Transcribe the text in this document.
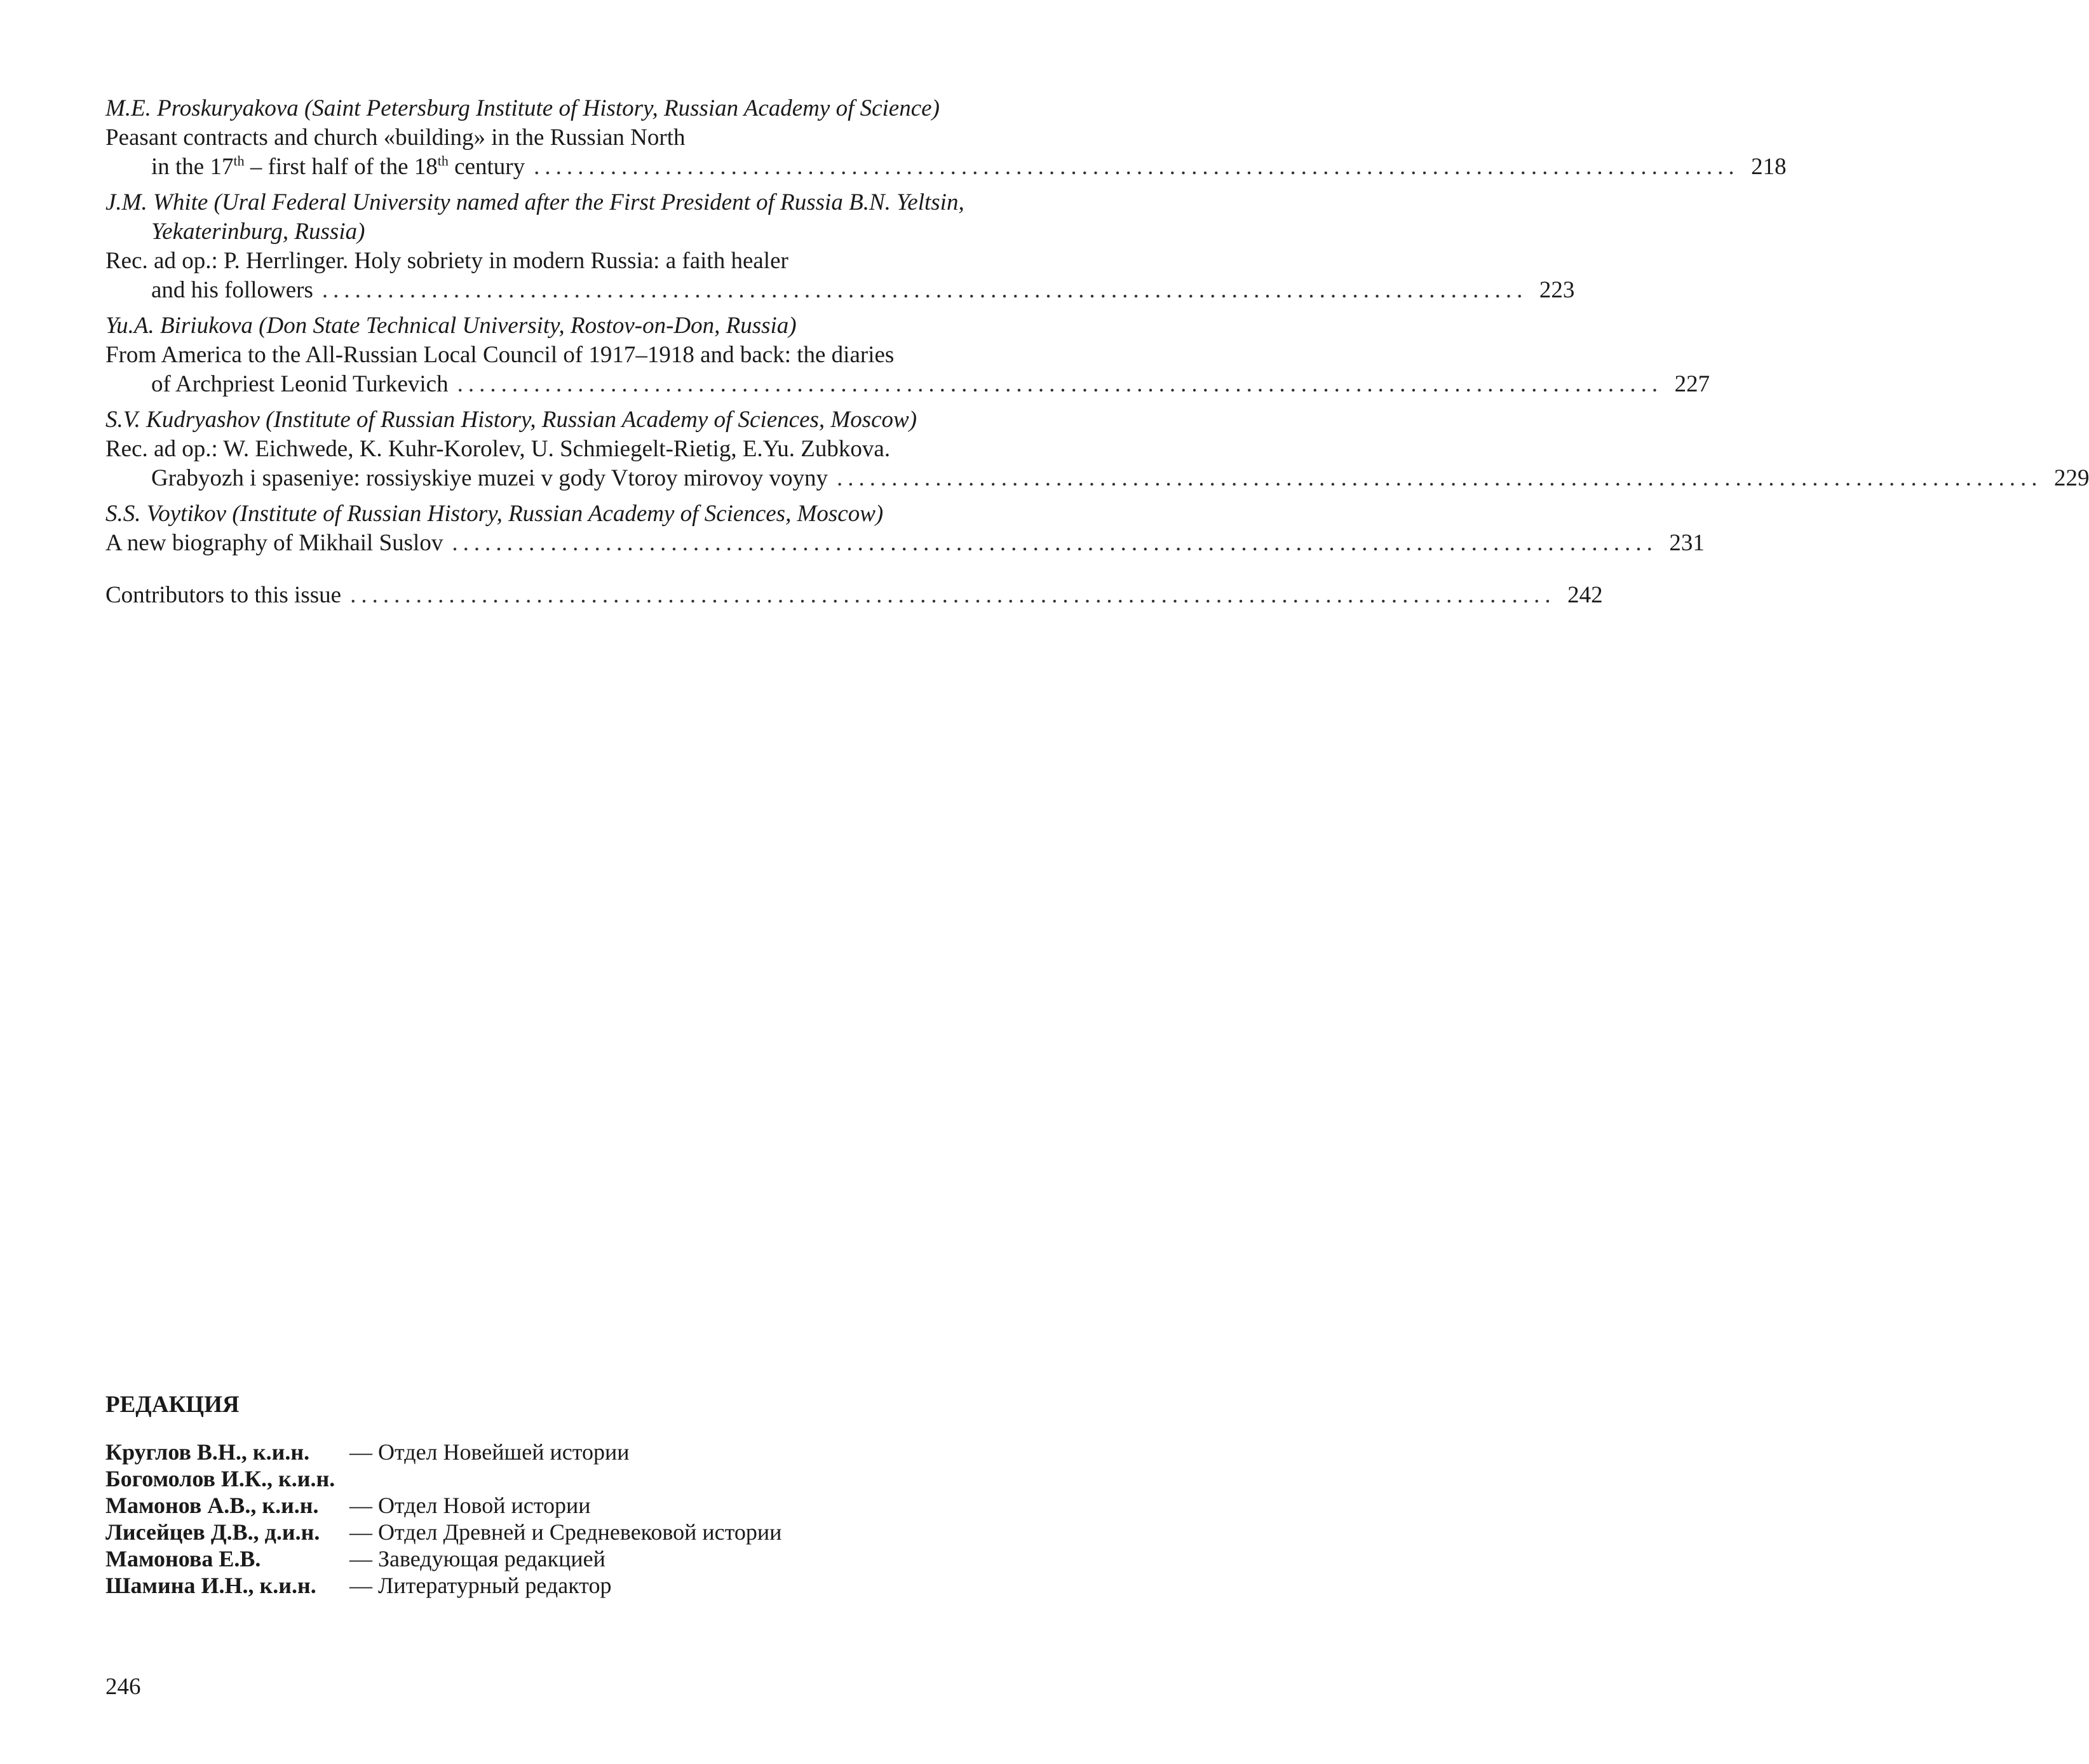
M.E. Proskuryakova (Saint Petersburg Institute of History, Russian Academy of Science)
Peasant contracts and church «building» in the Russian North
in the 17th – first half of the 18th century .............................................................................................................. 218
J.M. White (Ural Federal University named after the First President of Russia B.N. Yeltsin,
Yekaterinburg, Russia)
Rec. ad op.: P. Herrlinger. Holy sobriety in modern Russia: a faith healer
and his followers .............................................................................................................. 223
Yu.A. Biriukova (Don State Technical University, Rostov-on-Don, Russia)
From America to the All-Russian Local Council of 1917–1918 and back: the diaries
of Archpriest Leonid Turkevich .............................................................................................................. 227
S.V. Kudryashov (Institute of Russian History, Russian Academy of Sciences, Moscow)
Rec. ad op.: W. Eichwede, K. Kuhr-Korolev, U. Schmiegelt-Rietig, E.Yu. Zubkova.
Grabyozh i spaseniye: rossiyskiye muzei v gody Vtoroy mirovoy voyny .............................................................................................................. 229
S.S. Voytikov (Institute of Russian History, Russian Academy of Sciences, Moscow)
A new biography of Mikhail Suslov .............................................................................................................. 231
Contributors to this issue .............................................................................................................. 242
РЕДАКЦИЯ
Круглов В.Н., к.и.н.	— Отдел Новейшей истории
Богомолов И.К., к.и.н.
Мамонов А.В., к.и.н.	— Отдел Новой истории
Лисейцев Д.В., д.и.н.	— Отдел Древней и Средневековой истории
Мамонова Е.В.	— Заведующая редакцией
Шамина И.Н., к.и.н.	— Литературный редактор
246
